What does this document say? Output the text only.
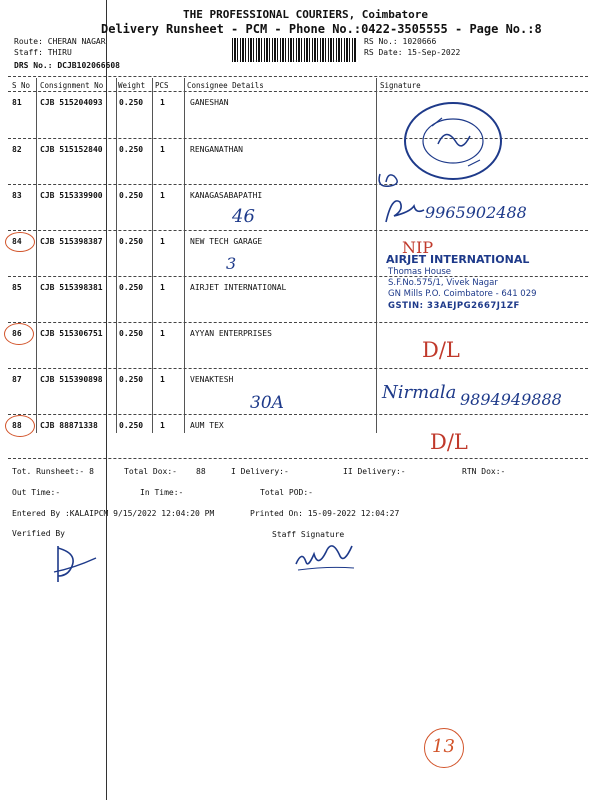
THE PROFESSIONAL COURIERS, Coimbatore
Delivery Runsheet - PCM - Phone No.:0422-3505555 - Page No.:8
Route: CHERAN NAGAR
Staff: THIRU
DRS No.: DCJB102066608
RS No.: 1020666
RS Date: 15-Sep-2022
S No Consignment No Weight PCS Consignee Details	Signature
81 CJB 515204093 0.250 1	GANESHAN
82 CJB 515152840 0.250 1	RENGANATHAN
83 CJB 515339900 0.250 1	KANAGASABAPATHI
46
84 CJB 515398387 0.250 1	NEW TECH GARAGE
3
85 CJB 515398381 0.250 1	AIRJET INTERNATIONAL
86 CJB 515306751 0.250 1	AYYAN ENTERPRISES
87 CJB 515390898 0.250 1	VENAKTESH
30A
88 CJB 88871338	0.250 1	AUM TEX
9965902488
NIP
AIRJET INTERNATIONAL
Thomas House
S.F.No.575/1, Vivek Nagar
GN Mills P.O. Coimbatore - 641 029
GSTIN: 33AEJPG2667J1ZF
D/L
Nirmala 9894949888
D/L
Tot. Runsheet:- 8	Total Dox:- 88	I Delivery:-	II Delivery:-	RTN Dox:-
Out Time:-	In Time:-	Total POD:-
Entered By :KALAIPCM 9/15/2022 12:04:20 PM	Printed On: 15-09-2022 12:04:27
Verified By	Staff Signature
13
